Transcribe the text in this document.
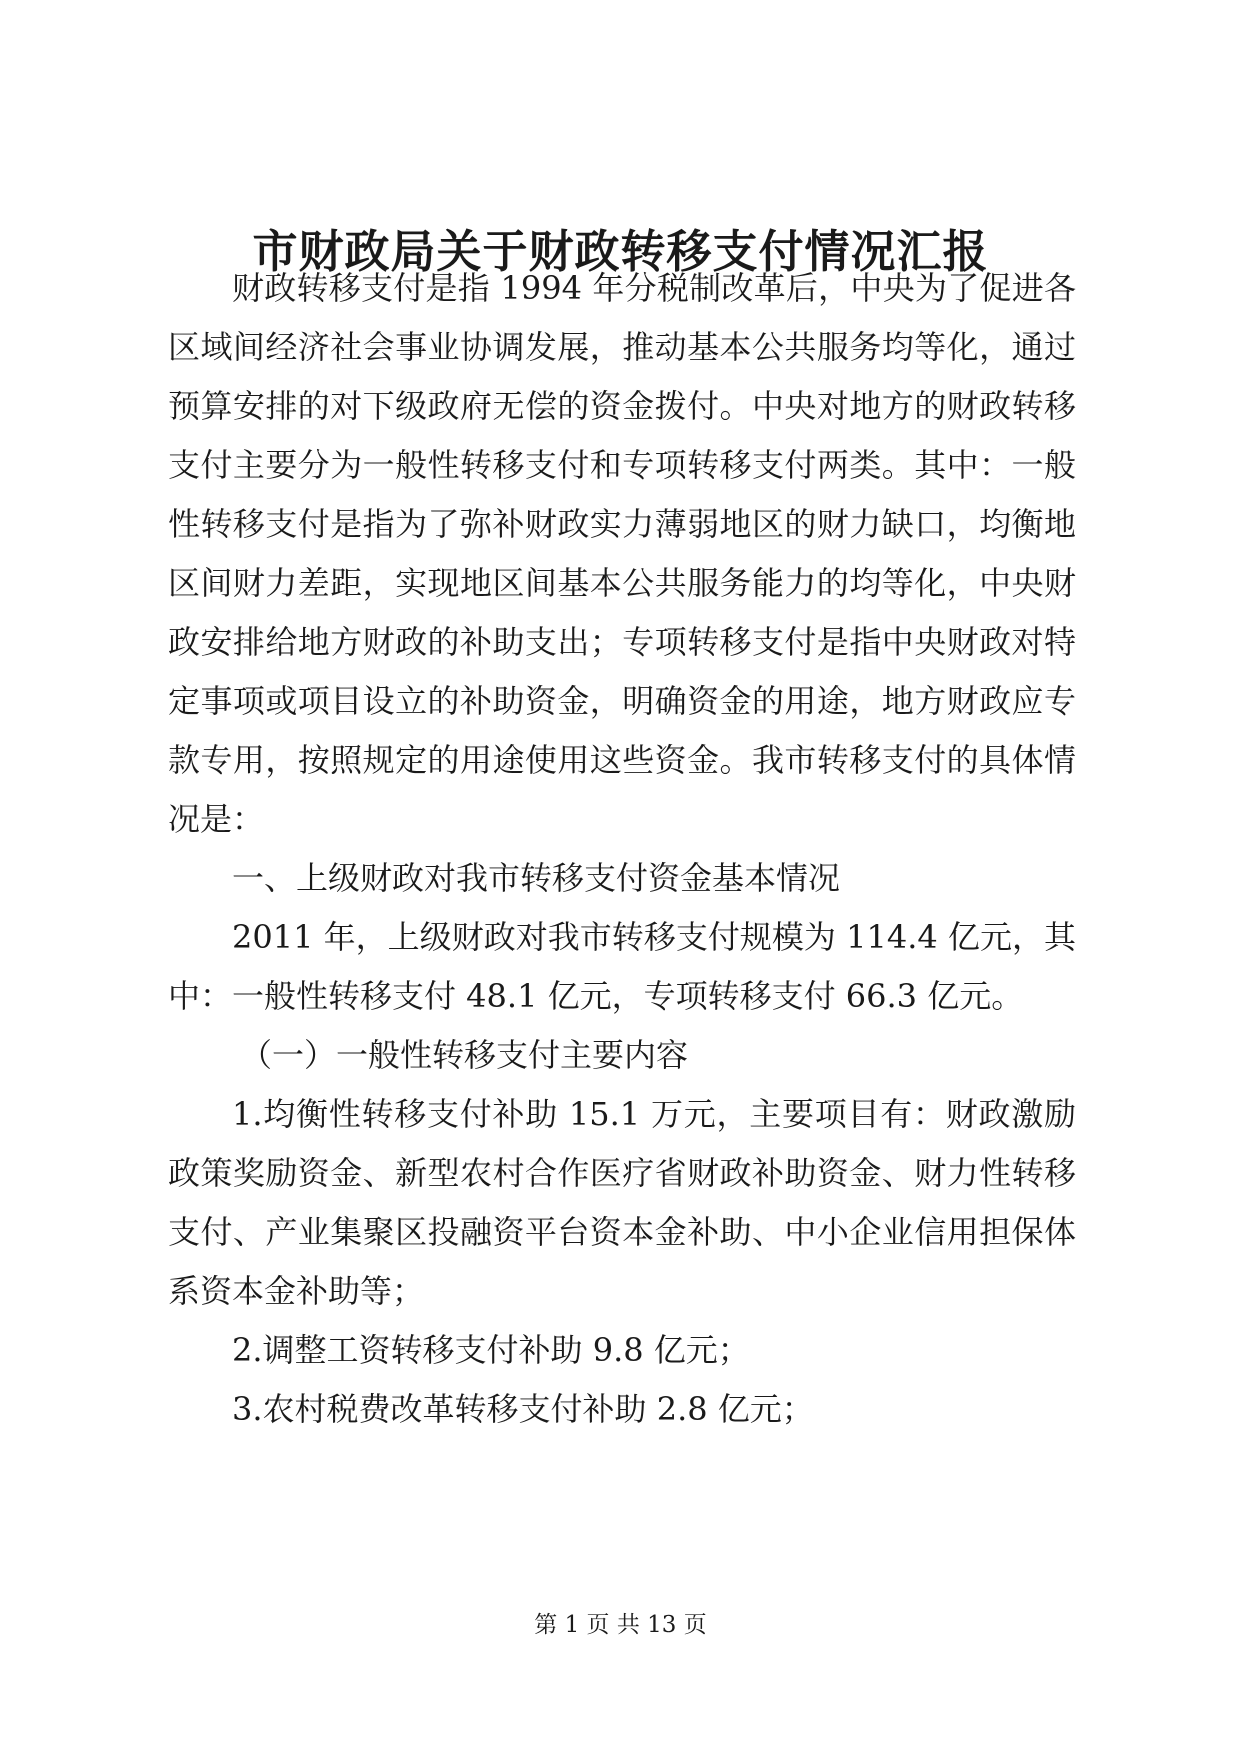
市财政局关于财政转移支付情况汇报

财政转移支付是指 1994 年分税制改革后，中央为了促进各

区域间经济社会事业协调发展，推动基本公共服务均等化，通过

预算安排的对下级政府无偿的资金拨付。中央对地方的财政转移

支付主要分为一般性转移支付和专项转移支付两类。其中：一般

性转移支付是指为了弥补财政实力薄弱地区的财力缺口，均衡地

区间财力差距，实现地区间基本公共服务能力的均等化，中央财

政安排给地方财政的补助支出；专项转移支付是指中央财政对特

定事项或项目设立的补助资金，明确资金的用途，地方财政应专

款专用，按照规定的用途使用这些资金。我市转移支付的具体情

况是：

一、上级财政对我市转移支付资金基本情况

2011 年，上级财政对我市转移支付规模为 114.4 亿元，其

中：一般性转移支付 48.1 亿元，专项转移支付 66.3 亿元。

（一）一般性转移支付主要内容

1.均衡性转移支付补助 15.1 万元，主要项目有：财政激励

政策奖励资金、新型农村合作医疗省财政补助资金、财力性转移

支付、产业集聚区投融资平台资本金补助、中小企业信用担保体

系资本金补助等；

2.调整工资转移支付补助 9.8 亿元；

3.农村税费改革转移支付补助 2.8 亿元；

第 1 页 共 13 页
